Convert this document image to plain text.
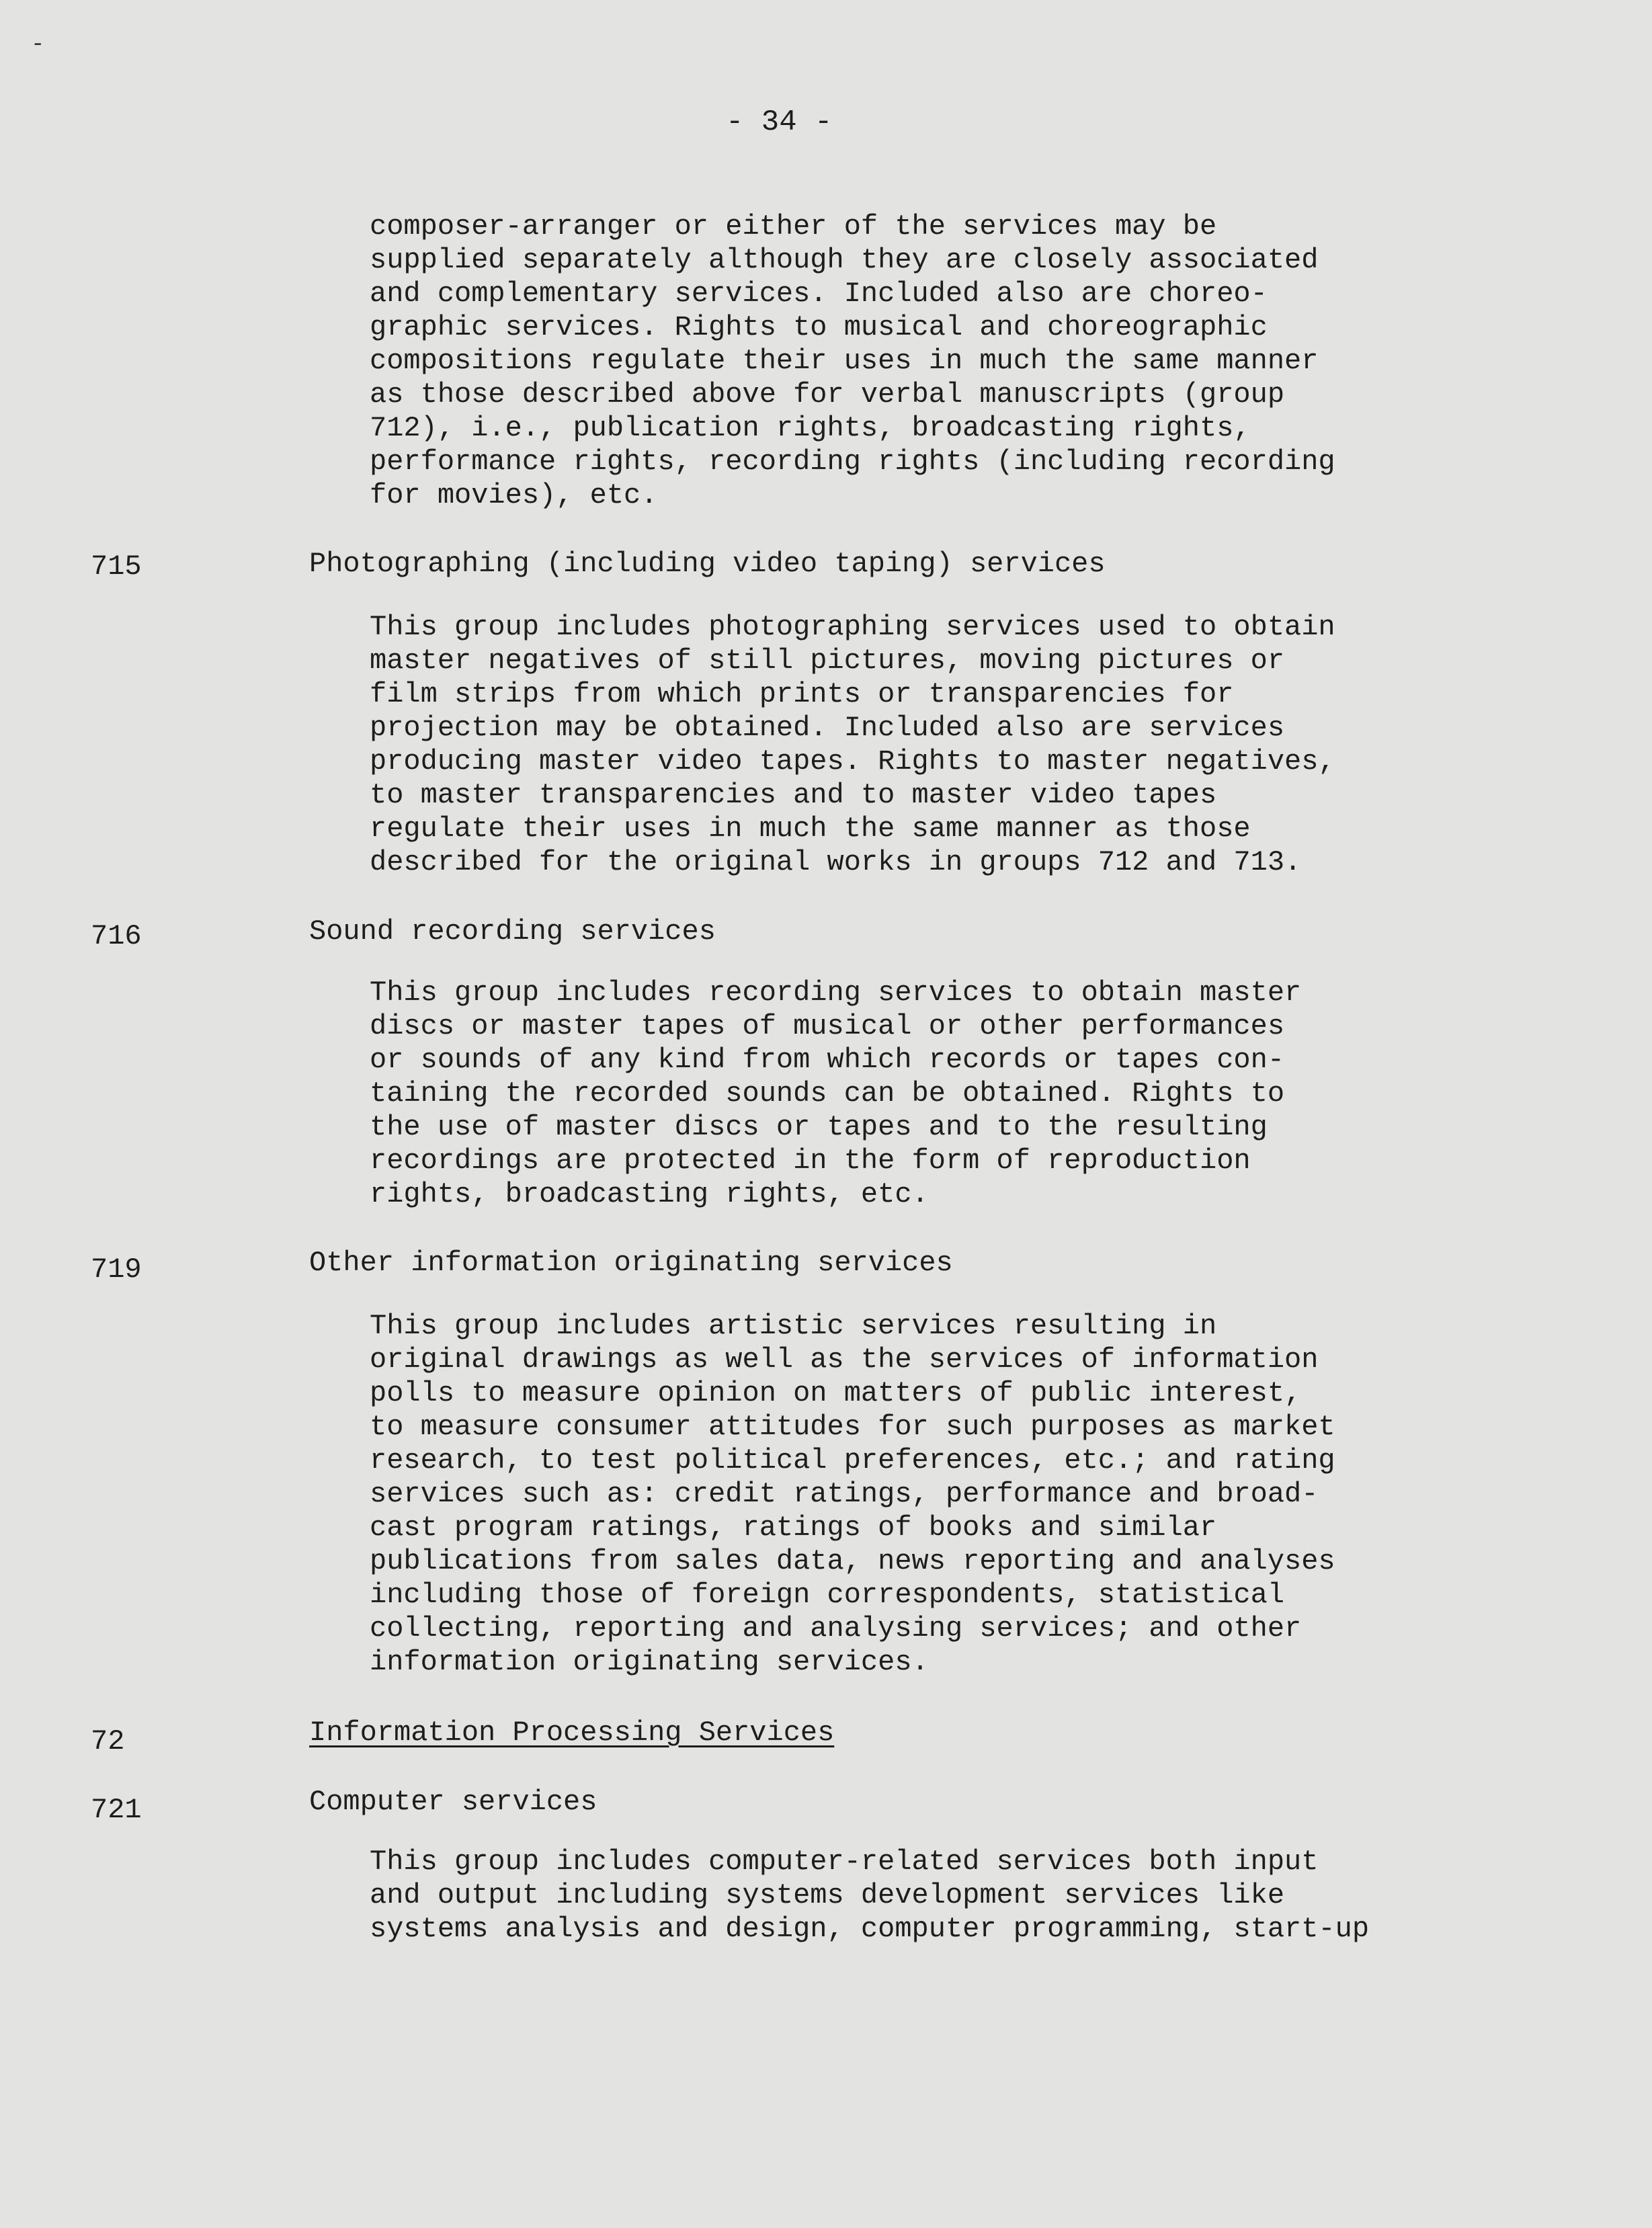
‐
- 34 -

composer-arranger or either of the services may be
supplied separately although they are closely associated
and complementary services. Included also are choreo-
graphic services. Rights to musical and choreographic
compositions regulate their uses in much the same manner
as those described above for verbal manuscripts (group
712), i.e., publication rights, broadcasting rights,
performance rights, recording rights (including recording
for movies), etc.

715	Photographing (including video taping) services

This group includes photographing services used to obtain
master negatives of still pictures, moving pictures or
film strips from which prints or transparencies for
projection may be obtained. Included also are services
producing master video tapes. Rights to master negatives,
to master transparencies and to master video tapes
regulate their uses in much the same manner as those
described for the original works in groups 712 and 713.

716	Sound recording services

This group includes recording services to obtain master
discs or master tapes of musical or other performances
or sounds of any kind from which records or tapes con-
taining the recorded sounds can be obtained. Rights to
the use of master discs or tapes and to the resulting
recordings are protected in the form of reproduction
rights, broadcasting rights, etc.

719	Other information originating services

This group includes artistic services resulting in
original drawings as well as the services of information
polls to measure opinion on matters of public interest,
to measure consumer attitudes for such purposes as market
research, to test political preferences, etc.; and rating
services such as: credit ratings, performance and broad-
cast program ratings, ratings of books and similar
publications from sales data, news reporting and analyses
including those of foreign correspondents, statistical
collecting, reporting and analysing services; and other
information originating services.

72	Information Processing Services
721	Computer services

This group includes computer-related services both input
and output including systems development services like
systems analysis and design, computer programming, start-up
